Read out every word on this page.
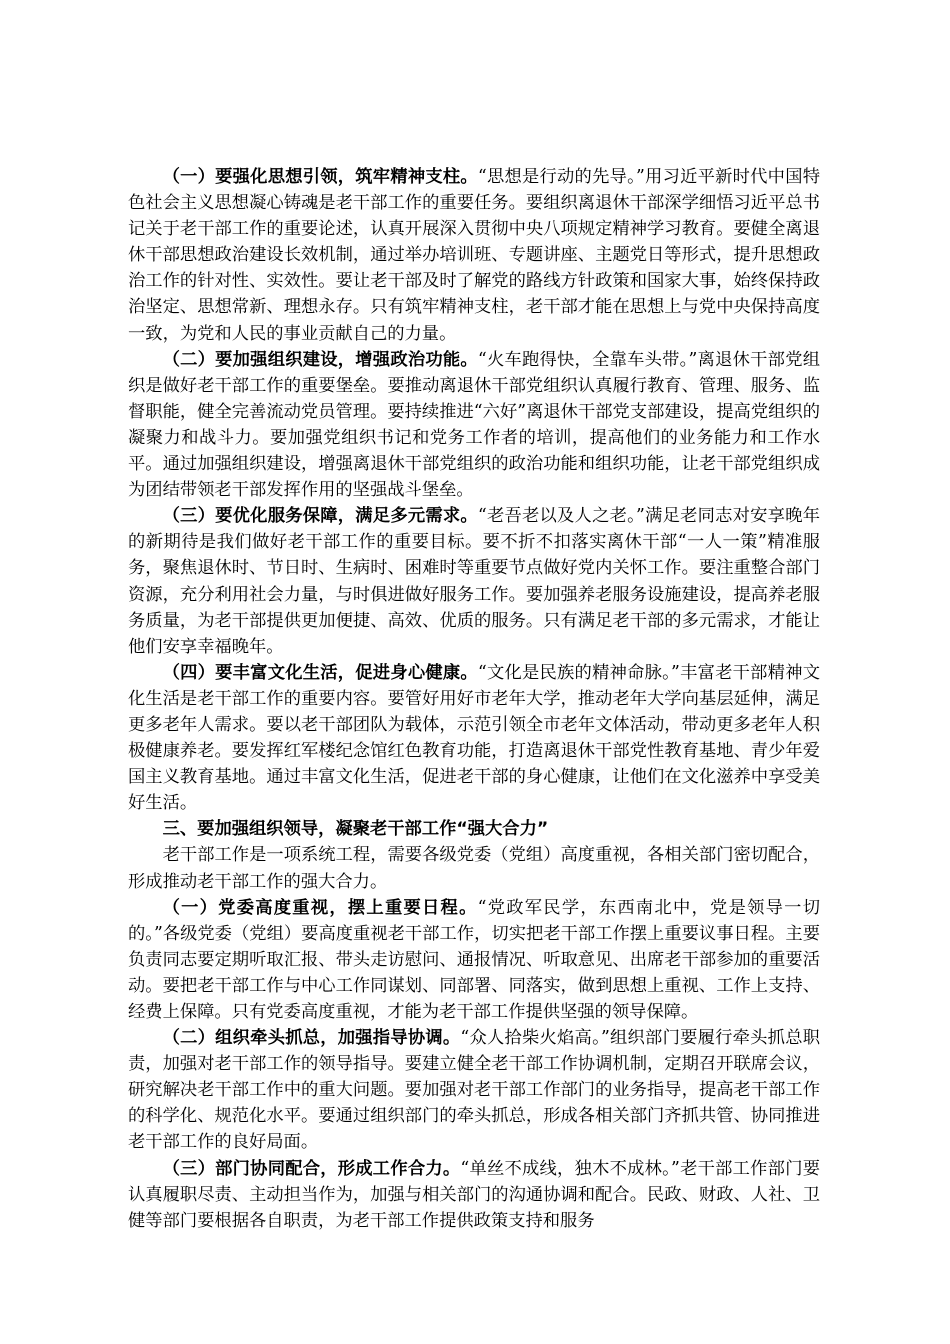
（一）要强化思想引领，筑牢精神支柱。“思想是行动的先导。”用习近平新时代中国特色社会主义思想凝心铸魂是老干部工作的重要任务。要组织离退休干部深学细悟习近平总书记关于老干部工作的重要论述，认真开展深入贯彻中央八项规定精神学习教育。要健全离退休干部思想政治建设长效机制，通过举办培训班、专题讲座、主题党日等形式，提升思想政治工作的针对性、实效性。要让老干部及时了解党的路线方针政策和国家大事，始终保持政治坚定、思想常新、理想永存。只有筑牢精神支柱，老干部才能在思想上与党中央保持高度一致，为党和人民的事业贡献自己的力量。

（二）要加强组织建设，增强政治功能。“火车跑得快，全靠车头带。”离退休干部党组织是做好老干部工作的重要堡垒。要推动离退休干部党组织认真履行教育、管理、服务、监督职能，健全完善流动党员管理。要持续推进“六好”离退休干部党支部建设，提高党组织的凝聚力和战斗力。要加强党组织书记和党务工作者的培训，提高他们的业务能力和工作水平。通过加强组织建设，增强离退休干部党组织的政治功能和组织功能，让老干部党组织成为团结带领老干部发挥作用的坚强战斗堡垒。

（三）要优化服务保障，满足多元需求。“老吾老以及人之老。”满足老同志对安享晚年的新期待是我们做好老干部工作的重要目标。要不折不扣落实离休干部“一人一策”精准服务，聚焦退休时、节日时、生病时、困难时等重要节点做好党内关怀工作。要注重整合部门资源，充分利用社会力量，与时俱进做好服务工作。要加强养老服务设施建设，提高养老服务质量，为老干部提供更加便捷、高效、优质的服务。只有满足老干部的多元需求，才能让他们安享幸福晚年。

（四）要丰富文化生活，促进身心健康。“文化是民族的精神命脉。”丰富老干部精神文化生活是老干部工作的重要内容。要管好用好市老年大学，推动老年大学向基层延伸，满足更多老年人需求。要以老干部团队为载体，示范引领全市老年文体活动，带动更多老年人积极健康养老。要发挥红军楼纪念馆红色教育功能，打造离退休干部党性教育基地、青少年爱国主义教育基地。通过丰富文化生活，促进老干部的身心健康，让他们在文化滋养中享受美好生活。

三、要加强组织领导，凝聚老干部工作“强大合力”

老干部工作是一项系统工程，需要各级党委（党组）高度重视，各相关部门密切配合，形成推动老干部工作的强大合力。

（一）党委高度重视，摆上重要日程。“党政军民学，东西南北中，党是领导一切的。”各级党委（党组）要高度重视老干部工作，切实把老干部工作摆上重要议事日程。主要负责同志要定期听取汇报、带头走访慰问、通报情况、听取意见、出席老干部参加的重要活动。要把老干部工作与中心工作同谋划、同部署、同落实，做到思想上重视、工作上支持、经费上保障。只有党委高度重视，才能为老干部工作提供坚强的领导保障。

（二）组织牵头抓总，加强指导协调。“众人拾柴火焰高。”组织部门要履行牵头抓总职责，加强对老干部工作的领导指导。要建立健全老干部工作协调机制，定期召开联席会议，研究解决老干部工作中的重大问题。要加强对老干部工作部门的业务指导，提高老干部工作的科学化、规范化水平。要通过组织部门的牵头抓总，形成各相关部门齐抓共管、协同推进老干部工作的良好局面。

（三）部门协同配合，形成工作合力。“单丝不成线，独木不成林。”老干部工作部门要认真履职尽责、主动担当作为，加强与相关部门的沟通协调和配合。民政、财政、人社、卫健等部门要根据各自职责，为老干部工作提供政策支持和服务
